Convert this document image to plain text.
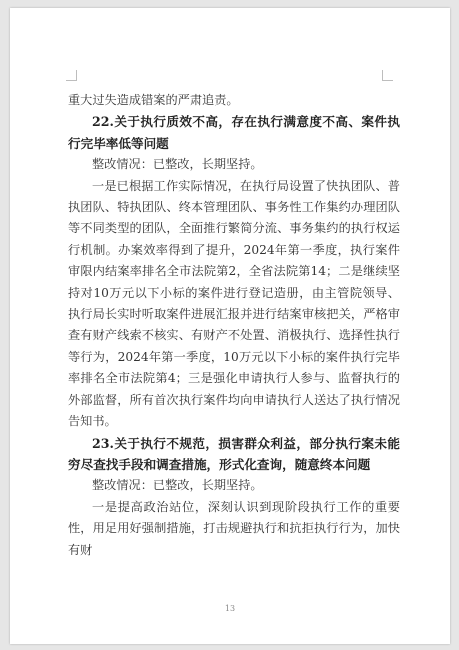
重大过失造成错案的严肃追责。

22.关于执行质效不高，存在执行满意度不高、案件执行完毕率低等问题

整改情况：已整改，长期坚持。

一是已根据工作实际情况，在执行局设置了快执团队、普执团队、特执团队、终本管理团队、事务性工作集约办理团队等不同类型的团队，全面推行繁简分流、事务集约的执行权运行机制。办案效率得到了提升，2024年第一季度，执行案件审限内结案率排名全市法院第2，全省法院第14；二是继续坚持对10万元以下小标的案件进行登记造册，由主管院领导、执行局长实时听取案件进展汇报并进行结案审核把关，严格审查有财产线索不核实、有财产不处置、消极执行、选择性执行等行为，2024年第一季度，10万元以下小标的案件执行完毕率排名全市法院第4；三是强化申请执行人参与、监督执行的外部监督，所有首次执行案件均向申请执行人送达了执行情况告知书。

23.关于执行不规范，损害群众利益，部分执行案未能穷尽查找手段和调查措施，形式化查询，随意终本问题

整改情况：已整改，长期坚持。

一是提高政治站位，深刻认识到现阶段执行工作的重要性，用足用好强制措施，打击规避执行和抗拒执行行为，加快有财

13
